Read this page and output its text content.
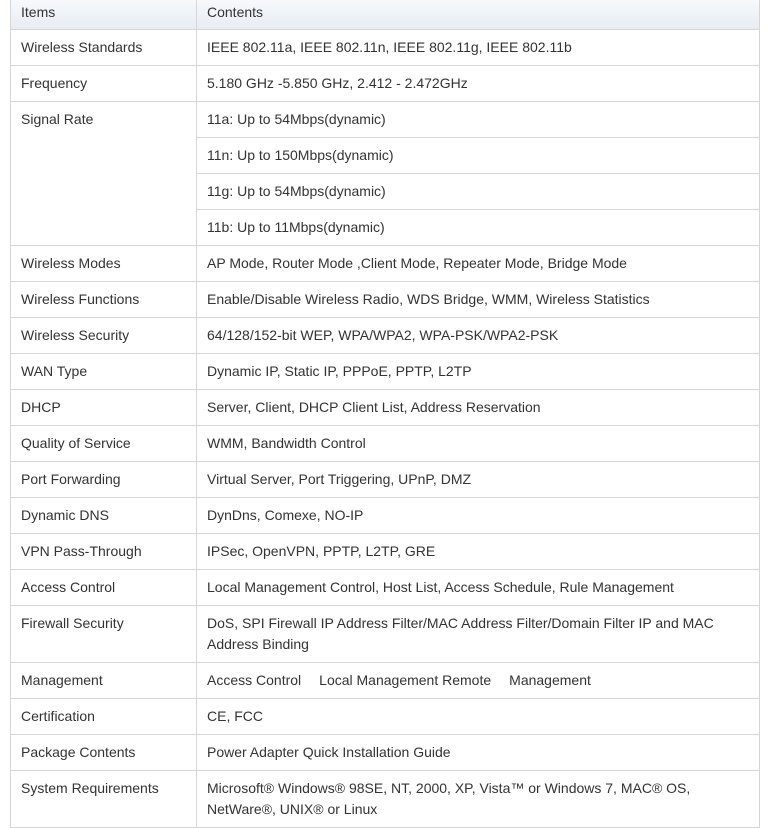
Items	Contents
Wireless Standards	IEEE 802.11a, IEEE 802.11n, IEEE 802.11g, IEEE 802.11b
Frequency	5.180 GHz -5.850 GHz, 2.412 - 2.472GHz
Signal Rate	11a: Up to 54Mbps(dynamic)
	11n: Up to 150Mbps(dynamic)
	11g: Up to 54Mbps(dynamic)
	11b: Up to 11Mbps(dynamic)
Wireless Modes	AP Mode, Router Mode ,Client Mode, Repeater Mode, Bridge Mode
Wireless Functions	Enable/Disable Wireless Radio, WDS Bridge, WMM, Wireless Statistics
Wireless Security	64/128/152-bit WEP, WPA/WPA2, WPA-PSK/WPA2-PSK
WAN Type	Dynamic IP, Static IP, PPPoE, PPTP, L2TP
DHCP	Server, Client, DHCP Client List, Address Reservation
Quality of Service	WMM, Bandwidth Control
Port Forwarding	Virtual Server, Port Triggering, UPnP, DMZ
Dynamic DNS	DynDns, Comexe, NO-IP
VPN Pass-Through	IPSec, OpenVPN, PPTP, L2TP, GRE
Access Control	Local Management Control, Host List, Access Schedule, Rule Management
Firewall Security	DoS, SPI Firewall IP Address Filter/MAC Address Filter/Domain Filter IP and MAC Address Binding
Management	Access Control Local Management Remote Management
Certification	CE, FCC
Package Contents	Power Adapter Quick Installation Guide
System Requirements	Microsoft® Windows® 98SE, NT, 2000, XP, Vista™ or Windows 7, MAC® OS, NetWare®, UNIX® or Linux
